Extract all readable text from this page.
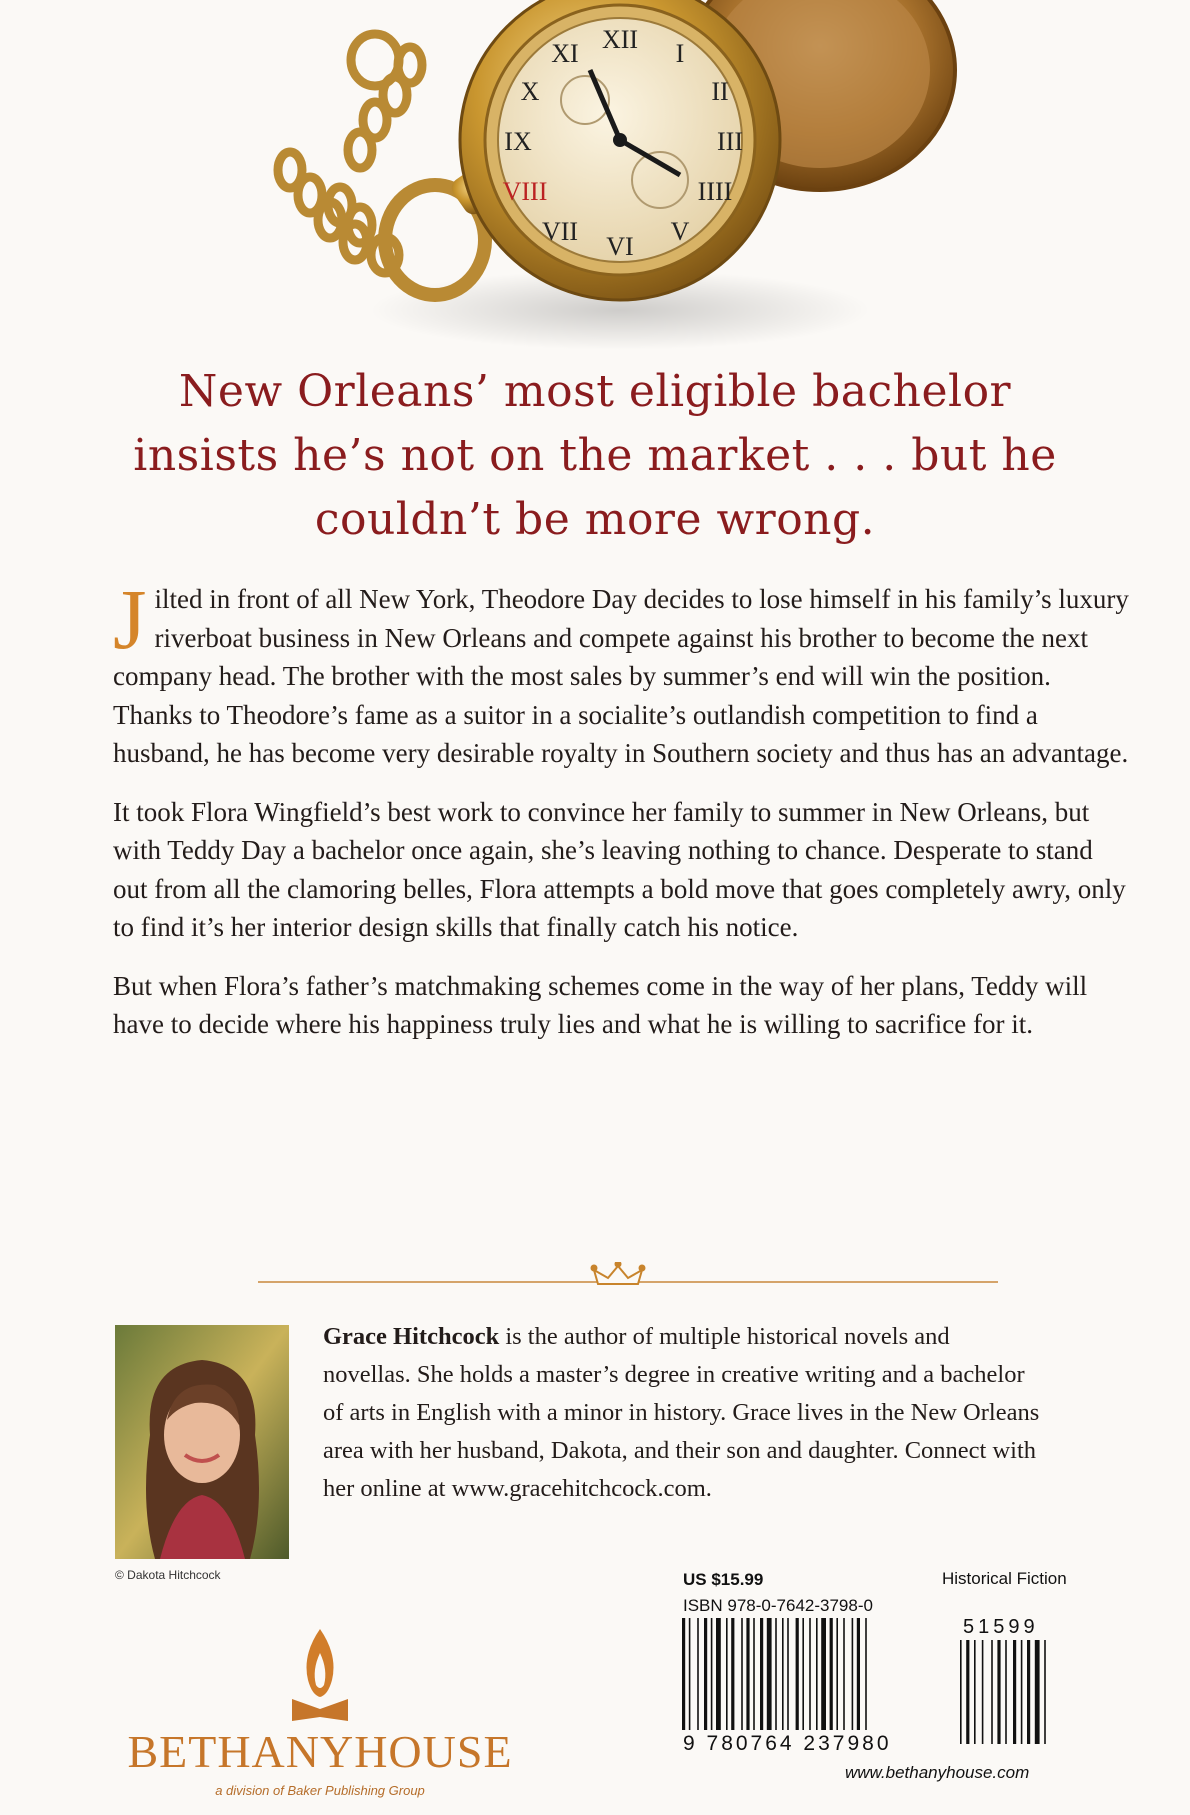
XII I
II
III
IIII
V
VI
VII
VIII
IX
X
XI
New Orleans’ most eligible bachelor
insists he’s not on the market . . . but he
couldn’t be more wrong.

Jilted in front of all New York, Theodore Day decides to lose himself in his family’s luxury riverboat business in New Orleans and compete against his brother to become the next company head. The brother with the most sales by summer’s end will win the position. Thanks to Theodore’s fame as a suitor in a socialite’s outlandish competition to find a husband, he has become very desirable royalty in Southern society and thus has an advantage.

It took Flora Wingfield’s best work to convince her family to summer in New Orleans, but with Teddy Day a bachelor once again, she’s leaving nothing to chance. Desperate to stand out from all the clamoring belles, Flora attempts a bold move that goes completely awry, only to find it’s her interior design skills that finally catch his notice.

But when Flora’s father’s matchmaking schemes come in the way of her plans, Teddy will have to decide where his happiness truly lies and what he is willing to sacrifice for it.

© Dakota Hitchcock
Grace Hitchcock is the author of multiple historical novels and novellas. She holds a master’s degree in creative writing and a bachelor of arts in English with a minor in history. Grace lives in the New Orleans area with her husband, Dakota, and their son and daughter. Connect with her online at www.gracehitchcock.com.
BETHANYHOUSE
a division of Baker Publishing Group
US $15.99	Historical Fiction
ISBN 978-0-7642-3798-0
51599
9 780764 237980
www.bethanyhouse.com
